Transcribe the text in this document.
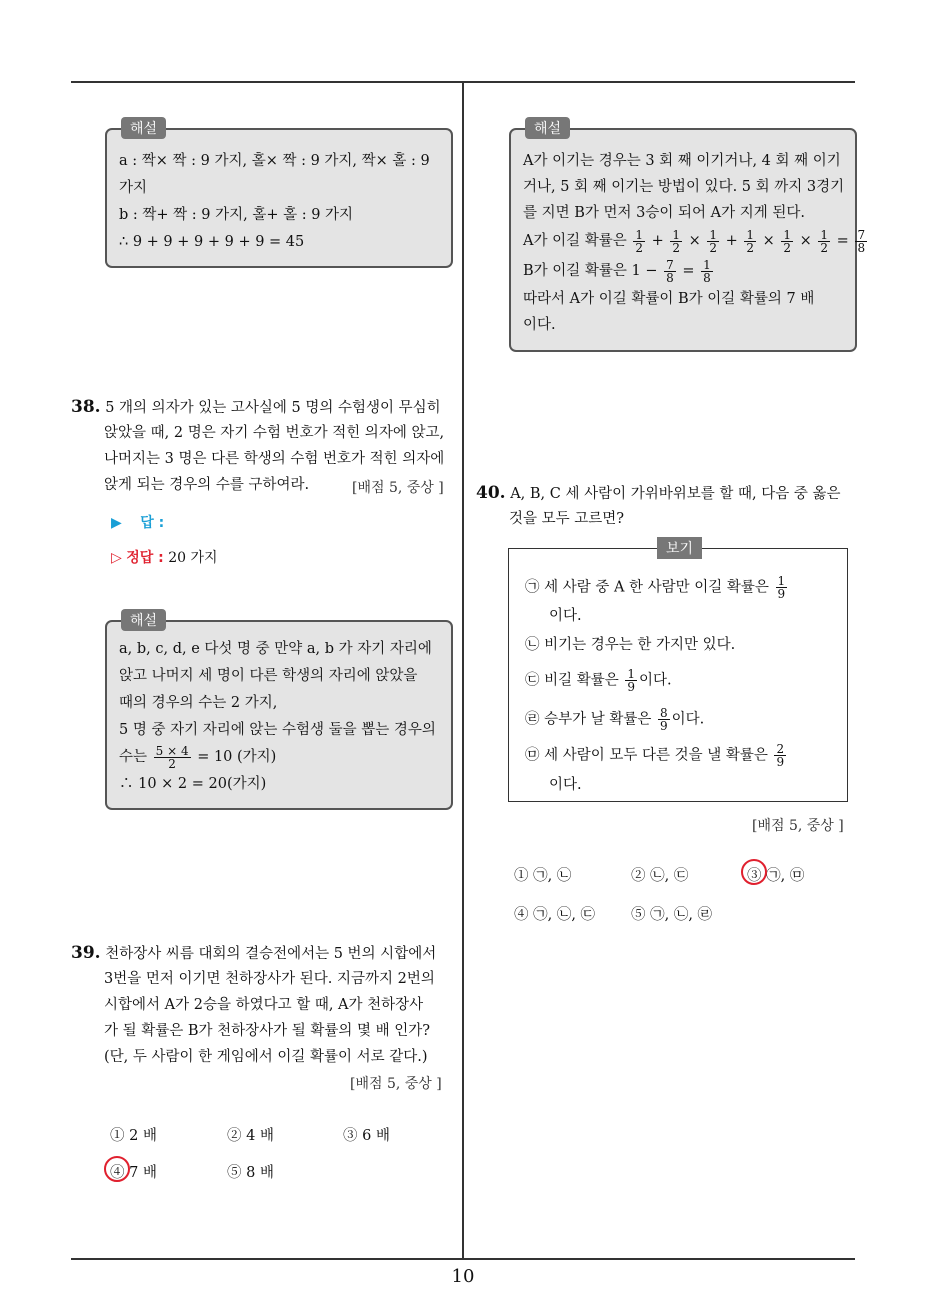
10
해설
a : 짝× 짝 : 9 가지, 홀× 짝 : 9 가지, 짝× 홀 : 9
가지
b : 짝+ 짝 : 9 가지, 홀+ 홀 : 9 가지
∴ 9 + 9 + 9 + 9 + 9 = 45
38. 5 개의 의자가 있는 고사실에 5 명의 수험생이 무심히
앉았을 때, 2 명은 자기 수험 번호가 적힌 의자에 앉고,
나머지는 3 명은 다른 학생의 수험 번호가 적힌 의자에
앉게 되는 경우의 수를 구하여라.	[배점 5, 중상 ]
▶ 답 :
▷ 정답 : 20 가지
해설
a, b, c, d, e 다섯 명 중 만약 a, b 가 자기 자리에
앉고 나머지 세 명이 다른 학생의 자리에 앉았을
때의 경우의 수는 2 가지,
5 명 중 자기 자리에 앉는 수험생 둘을 뽑는 경우의
수는 $\frac{5 \times 4}{2} = 10$ (가지)
∴ 10 × 2 = 20(가지)
39. 천하장사 씨름 대회의 결승전에서는 5 번의 시합에서
3번을 먼저 이기면 천하장사가 된다. 지금까지 2번의
시합에서 A가 2승을 하였다고 할 때, A가 천하장사
가 될 확률은 B가 천하장사가 될 확률의 몇 배 인가?
(단, 두 사람이 한 게임에서 이길 확률이 서로 같다.)
[배점 5, 중상 ]
① 2 배	② 4 배	③ 6 배
④ 7 배	⑤ 8 배
해설
A가 이기는 경우는 3 회 째 이기거나, 4 회 째 이기
거나, 5 회 째 이기는 방법이 있다. 5 회 까지 3경기
를 지면 B가 먼저 3승이 되어 A가 지게 된다.
A가 이길 확률은 $\frac{1}{2} + \frac{1}{2} \times \frac{1}{2} + \frac{1}{2} \times \frac{1}{2} \times \frac{1}{2} = \frac{7}{8}$
B가 이길 확률은 $1 - \frac{7}{8} = \frac{1}{8}$
따라서 A가 이길 확률이 B가 이길 확률의 7 배
이다.
40. A, B, C 세 사람이 가위바위보를 할 때, 다음 중 옳은
것을 모두 고르면?
보기
㉠ 세 사람 중 A 한 사람만 이길 확률은 $\frac{1}{9}$
이다.
㉡ 비기는 경우는 한 가지만 있다.
㉢ 비길 확률은 $\frac{1}{9}$ 이다.
㉣ 승부가 날 확률은 $\frac{8}{9}$ 이다.
㉤ 세 사람이 모두 다른 것을 낼 확률은 $\frac{2}{9}$
이다.
[배점 5, 중상 ]
① ㉠, ㉡	② ㉡, ㉢	③ ㉠, ㉤
④ ㉠, ㉡, ㉢ ⑤ ㉠, ㉡, ㉣
